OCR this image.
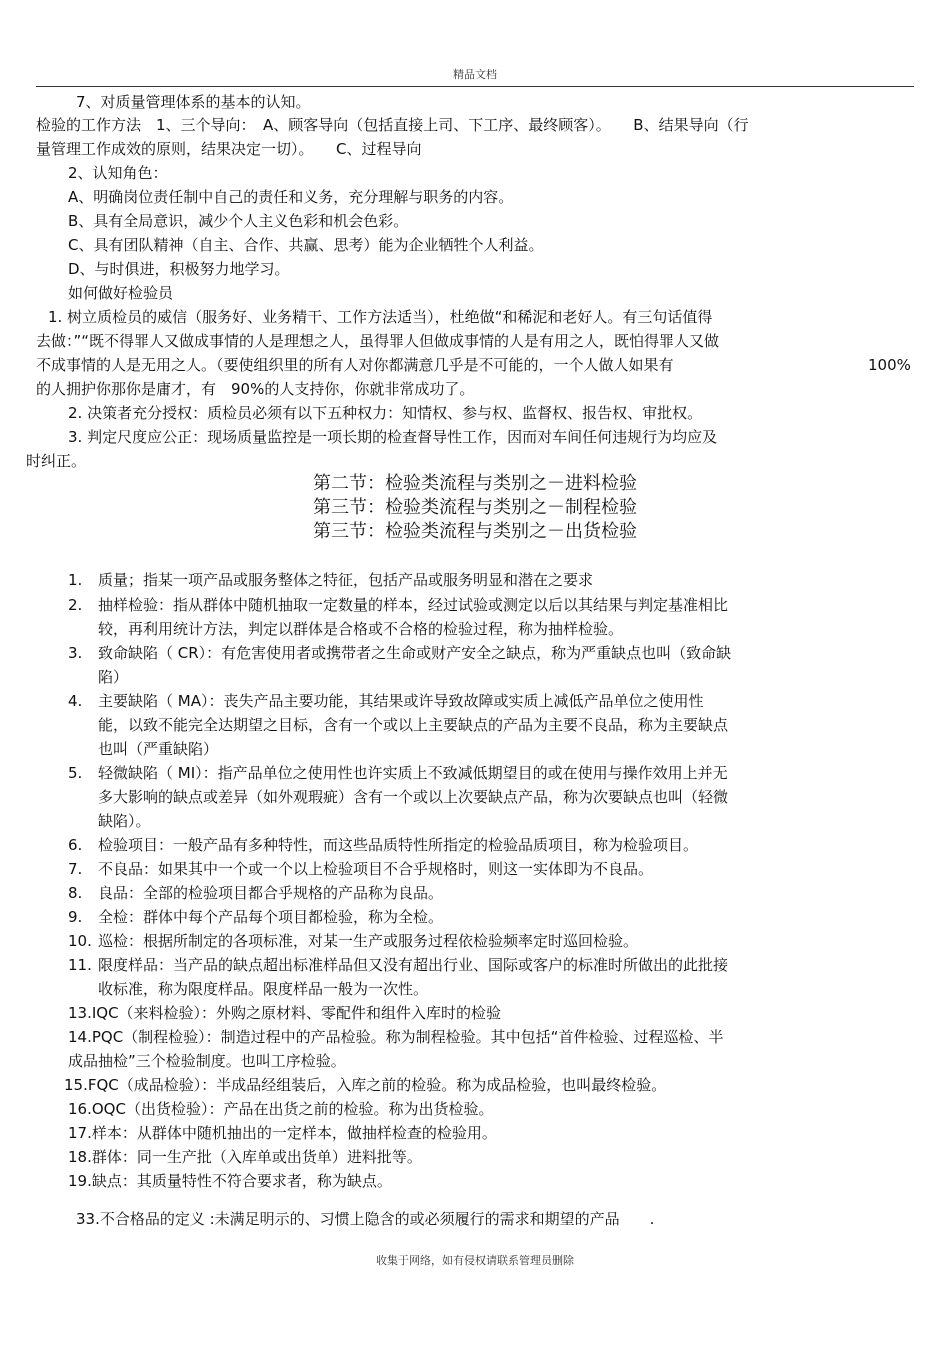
精品文档
7、对质量管理体系的基本的认知。
检验的工作方法　1、三个导向：　A、顾客导向（包括直接上司、下工序、最终顾客）。　　B、结果导向（行
量管理工作成效的原则，结果决定一切）。　　C、过程导向
2、认知角色：
A、明确岗位责任制中自己的责任和义务，充分理解与职务的内容。
B、具有全局意识，减少个人主义色彩和机会色彩。
C、具有团队精神（自主、合作、共赢、思考）能为企业牺牲个人利益。
D、与时俱进，积极努力地学习。
如何做好检验员
1. 树立质检员的威信（服务好、业务精干、工作方法适当），杜绝做“和稀泥和老好人。有三句话值得
去做：”“既不得罪人又做成事情的人是理想之人，虽得罪人但做成事情的人是有用之人，既怕得罪人又做
不成事情的人是无用之人。（要使组织里的所有人对你都满意几乎是不可能的，一个人做人如果有	100%
的人拥护你那你是庸才，有　90%的人支持你，你就非常成功了。
2. 决策者充分授权：质检员必须有以下五种权力：知情权、参与权、监督权、报告权、审批权。
3. 判定尺度应公正：现场质量监控是一项长期的检查督导性工作，因而对车间任何违规行为均应及
时纠正。
第二节：检验类流程与类别之－进料检验
第三节：检验类流程与类别之－制程检验
第三节：检验类流程与类别之－出货检验
1. 质量；指某一项产品或服务整体之特征，包括产品或服务明显和潜在之要求
2. 抽样检验：指从群体中随机抽取一定数量的样本，经过试验或测定以后以其结果与判定基准相比
较，再利用统计方法，判定以群体是合格或不合格的检验过程，称为抽样检验。
3. 致命缺陷（ CR）：有危害使用者或携带者之生命或财产安全之缺点，称为严重缺点也叫（致命缺
陷）
4. 主要缺陷（ MA）：丧失产品主要功能，其结果或许导致故障或实质上减低产品单位之使用性
能，以致不能完全达期望之目标，含有一个或以上主要缺点的产品为主要不良品，称为主要缺点
也叫（严重缺陷）
5. 轻微缺陷（ MI）：指产品单位之使用性也许实质上不致减低期望目的或在使用与操作效用上并无
多大影响的缺点或差异（如外观瑕疵）含有一个或以上次要缺点产品，称为次要缺点也叫（轻微
缺陷）。
6. 检验项目：一般产品有多种特性，而这些品质特性所指定的检验品质项目，称为检验项目。
7. 不良品：如果其中一个或一个以上检验项目不合乎规格时，则这一实体即为不良品。
8. 良品：全部的检验项目都合乎规格的产品称为良品。
9. 全检：群体中每个产品每个项目都检验，称为全检。
10. 巡检：根据所制定的各项标准，对某一生产或服务过程依检验频率定时巡回检验。
11. 限度样品：当产品的缺点超出标准样品但又没有超出行业、国际或客户的标准时所做出的此批接
收标准，称为限度样品。限度样品一般为一次性。
13.IQC（来料检验）：外购之原材料、零配件和组件入库时的检验
14.PQC（制程检验）：制造过程中的产品检验。称为制程检验。其中包括“首件检验、过程巡检、半
成品抽检”三个检验制度。也叫工序检验。
15.FQC（成品检验）：半成品经组装后，入库之前的检验。称为成品检验，也叫最终检验。
16.OQC（出货检验）：产品在出货之前的检验。称为出货检验。
17.样本：从群体中随机抽出的一定样本，做抽样检查的检验用。
18.群体：同一生产批（入库单或出货单）进料批等。
19.缺点：其质量特性不符合要求者，称为缺点。
33.不合格品的定义 :未满足明示的、习惯上隐含的或必须履行的需求和期望的产品　　.
收集于网络，如有侵权请联系管理员删除
